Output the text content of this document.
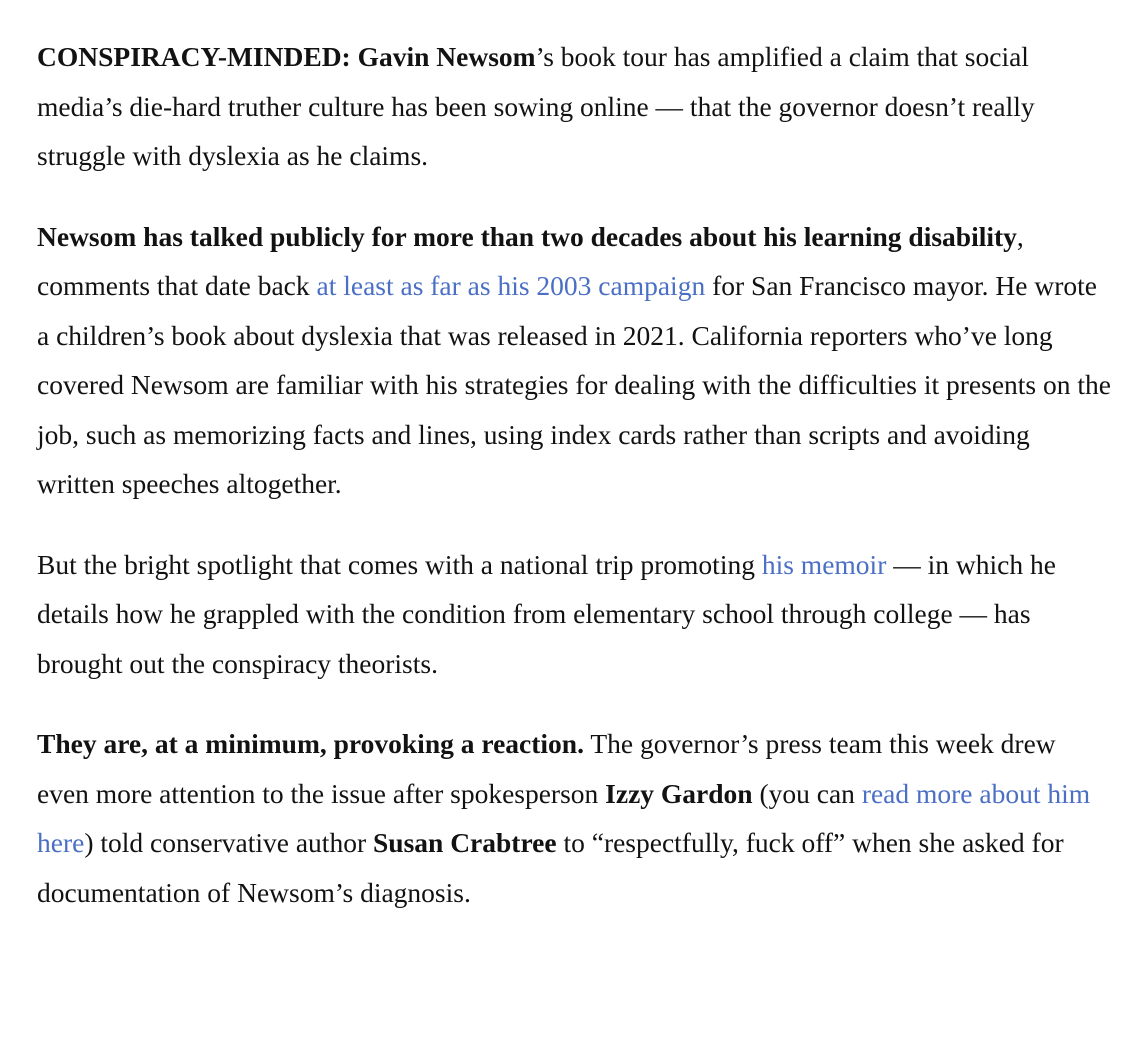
CONSPIRACY-MINDED: Gavin Newsom’s book tour has amplified a claim that social media’s die-hard truther culture has been sowing online — that the governor doesn’t really struggle with dyslexia as he claims.

Newsom has talked publicly for more than two decades about his learning disability, comments that date back at least as far as his 2003 campaign for San Francisco mayor. He wrote a children’s book about dyslexia that was released in 2021. California reporters who’ve long covered Newsom are familiar with his strategies for dealing with the difficulties it presents on the job, such as memorizing facts and lines, using index cards rather than scripts and avoiding written speeches altogether.

But the bright spotlight that comes with a national trip promoting his memoir — in which he details how he grappled with the condition from elementary school through college — has brought out the conspiracy theorists.

They are, at a minimum, provoking a reaction. The governor’s press team this week drew even more attention to the issue after spokesperson Izzy Gardon (you can read more about him here) told conservative author Susan Crabtree to “respectfully, fuck off” when she asked for documentation of Newsom’s diagnosis.
